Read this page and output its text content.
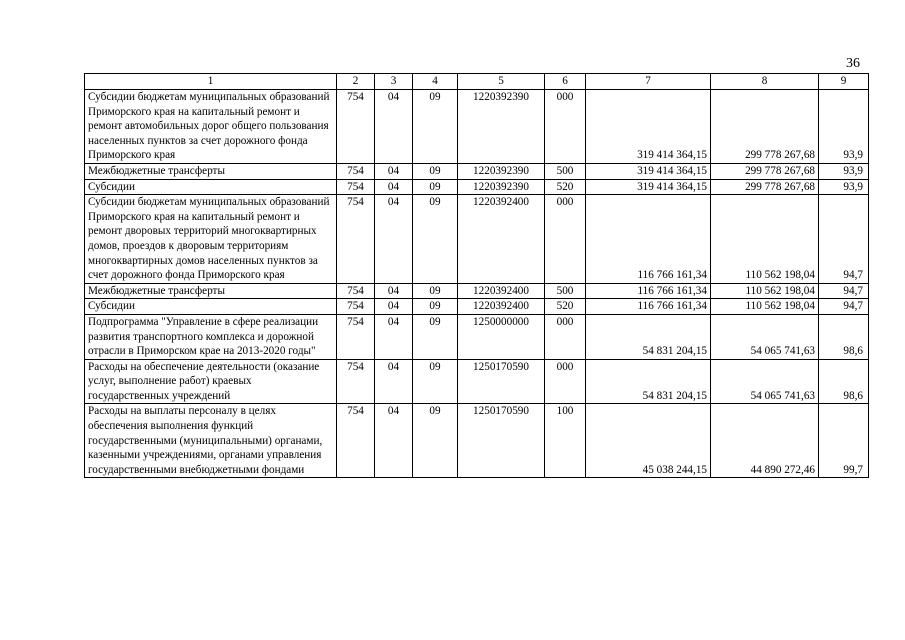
36
1	2	3	4	5	6	7	8	9
Субсидии бюджетам муниципальных образований Приморского края на капитальный ремонт и ремонт автомобильных дорог общего пользования населенных пунктов за счет дорожного фонда Приморского края	754	04	09	1220392390	000	319 414 364,15	299 778 267,68	93,9
Межбюджетные трансферты	754	04	09	1220392390	500	319 414 364,15	299 778 267,68	93,9
Субсидии	754	04	09	1220392390	520	319 414 364,15	299 778 267,68	93,9
Субсидии бюджетам муниципальных образований Приморского края на капитальный ремонт и ремонт дворовых территорий многоквартирных домов, проездов к дворовым территориям многоквартирных домов населенных пунктов за счет дорожного фонда Приморского края	754	04	09	1220392400	000	116 766 161,34	110 562 198,04	94,7
Межбюджетные трансферты	754	04	09	1220392400	500	116 766 161,34	110 562 198,04	94,7
Субсидии	754	04	09	1220392400	520	116 766 161,34	110 562 198,04	94,7
Подпрограмма "Управление в сфере реализации развития транспортного комплекса и дорожной отрасли в Приморском крае на 2013-2020 годы"	754	04	09	1250000000	000	54 831 204,15	54 065 741,63	98,6
Расходы на обеспечение деятельности (оказание услуг, выполнение работ) краевых государственных учреждений	754	04	09	1250170590	000	54 831 204,15	54 065 741,63	98,6
Расходы на выплаты персоналу в целях обеспечения выполнения функций государственными (муниципальными) органами, казенными учреждениями, органами управления государственными внебюджетными фондами	754	04	09	1250170590	100	45 038 244,15	44 890 272,46	99,7
